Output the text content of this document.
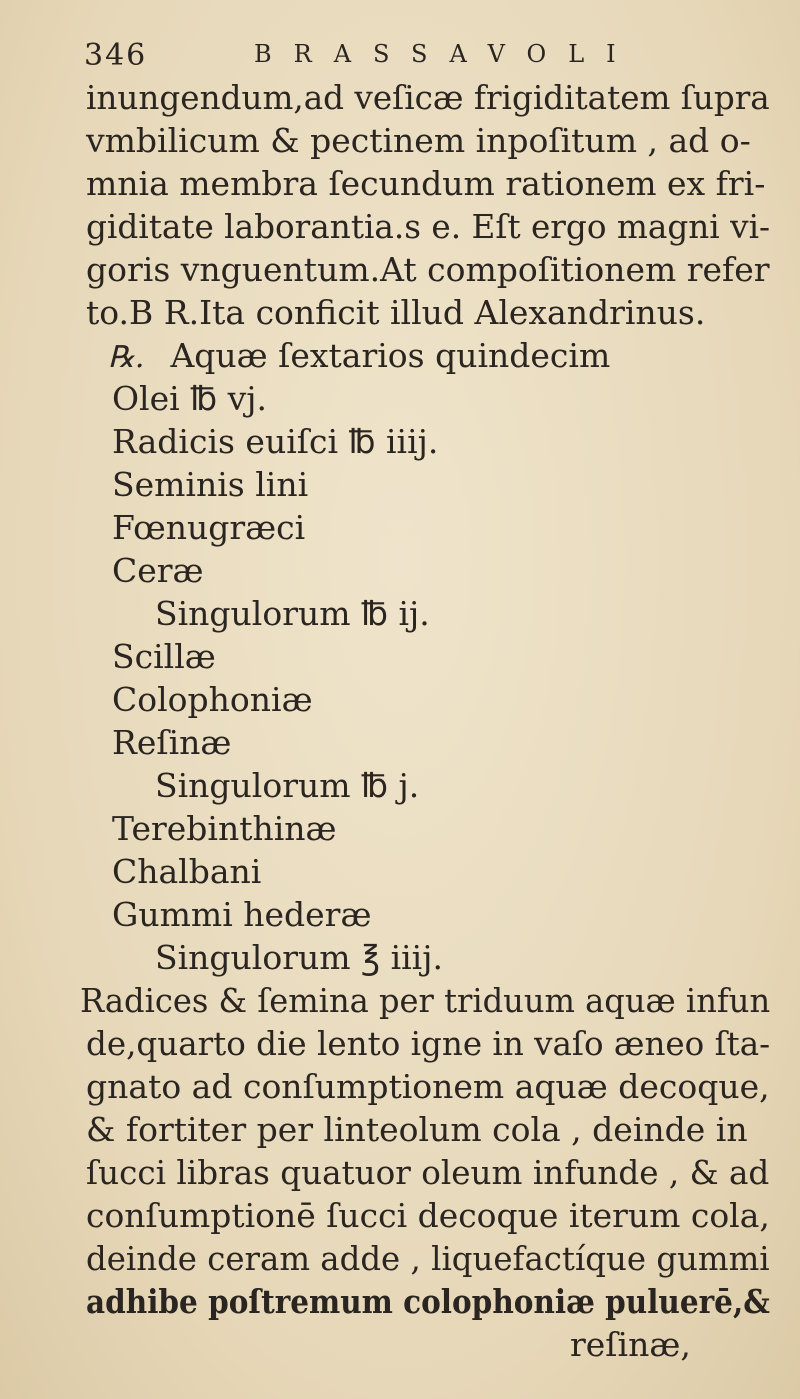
346	BRASSAVOLI
inungendum,ad veſicæ frigiditatem ſupra
vmbilicum & pectinem inpoſitum , ad o-
mnia membra ſecundum rationem ex fri-
giditate laborantia.s e. Eſt ergo magni vi-
goris vnguentum.At compoſitionem refer
to.B R.Ita conficit illud Alexandrinus.
℞. Aquæ ſextarios quindecim
Olei ℔ vj.
Radicis euiſci ℔ iiij.
Seminis lini
Fœnugræci
Ceræ
Singulorum ℔ ij.
Scillæ
Colophoniæ
Reſinæ
Singulorum ℔ j.
Terebinthinæ
Chalbani
Gummi hederæ
Singulorum ℥ iiij.
Radices & ſemina per triduum aquæ infun
de,quarto die lento igne in vaſo æneo ſta-
gnato ad conſumptionem aquæ decoque,
& fortiter per linteolum cola , deinde in
ſucci libras quatuor oleum infunde , & ad
conſumptionē ſucci decoque iterum cola,
deinde ceram adde , liquefactíque gummi
adhibe poſtremum colophoniæ puluerē,&
reſinæ,
